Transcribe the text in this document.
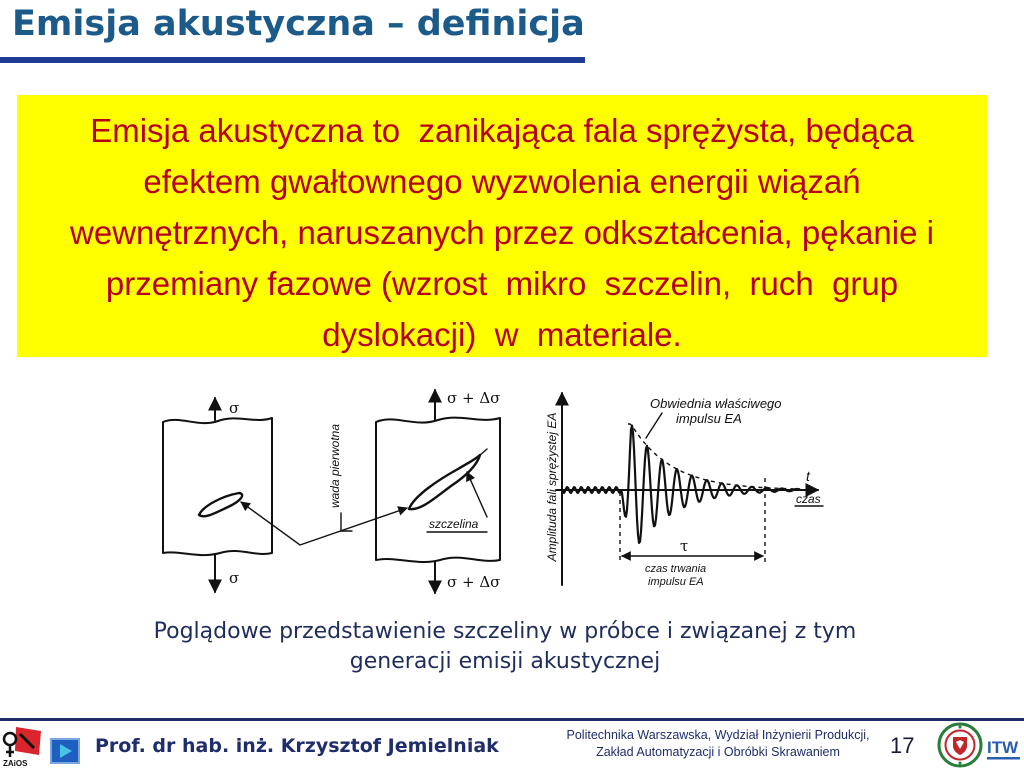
Emisja akustyczna – definicja
Emisja akustyczna to  zanikająca fala sprężysta, będąca
efektem gwałtownego wyzwolenia energii wiązań
wewnętrznych, naruszanych przez odkształcenia, pękanie i
przemiany fazowe (wzrost  mikro  szczelin,  ruch  grup
dyslokacji)  w  materiale.
σ
σ
σ + Δσ
σ + Δσ
wada pierwotna
szczelina	Amplituda fali sprężystej EA	t
czas
τ
czas trwania
impulsu EA
Obwiednia właściwego
impulsu EA
Poglądowe przedstawienie szczeliny w próbce i związanej z tym
generacji emisji akustycznej
ZAiOS
Prof. dr hab. inż. Krzysztof Jemielniak	Politechnika Warszawska, Wydział Inżynierii Produkcji,
Zakład Automatyzacji i Obróbki Skrawaniem	17	ITW
